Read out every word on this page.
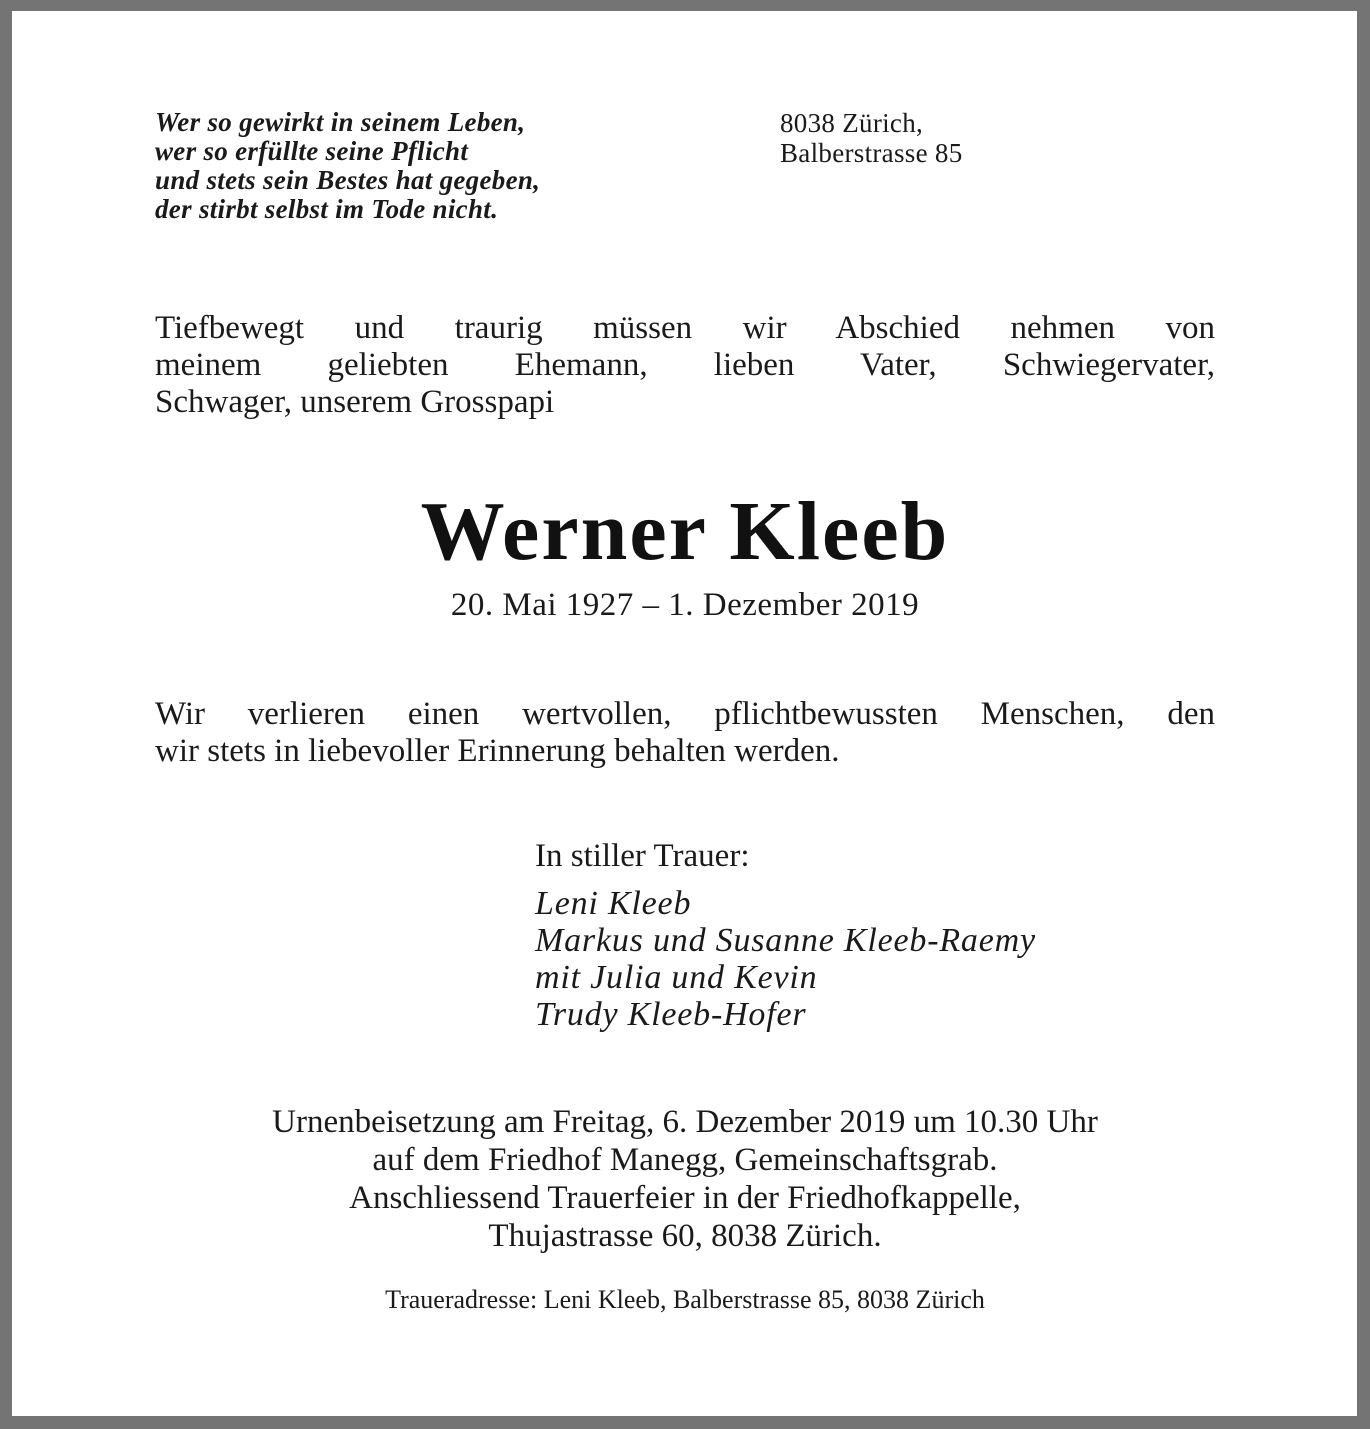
Wer so gewirkt in seinem Leben,
wer so erfüllte seine Pflicht
und stets sein Bestes hat gegeben,
der stirbt selbst im Tode nicht.
8038 Zürich,
Balberstrasse 85
Tiefbewegt und traurig müssen wir Abschied nehmen von
meinem geliebten Ehemann, lieben Vater, Schwiegervater,
Schwager, unserem Grosspapi
Werner Kleeb
20. Mai 1927 – 1. Dezember 2019
Wir verlieren einen wertvollen, pflichtbewussten Menschen, den
wir stets in liebevoller Erinnerung behalten werden.
In stiller Trauer:
Leni Kleeb
Markus und Susanne Kleeb-Raemy
mit Julia und Kevin
Trudy Kleeb-Hofer
Urnenbeisetzung am Freitag, 6. Dezember 2019 um 10.30 Uhr
auf dem Friedhof Manegg, Gemeinschaftsgrab.
Anschliessend Trauerfeier in der Friedhofkappelle,
Thujastrasse 60, 8038 Zürich.
Traueradresse: Leni Kleeb, Balberstrasse 85, 8038 Zürich
